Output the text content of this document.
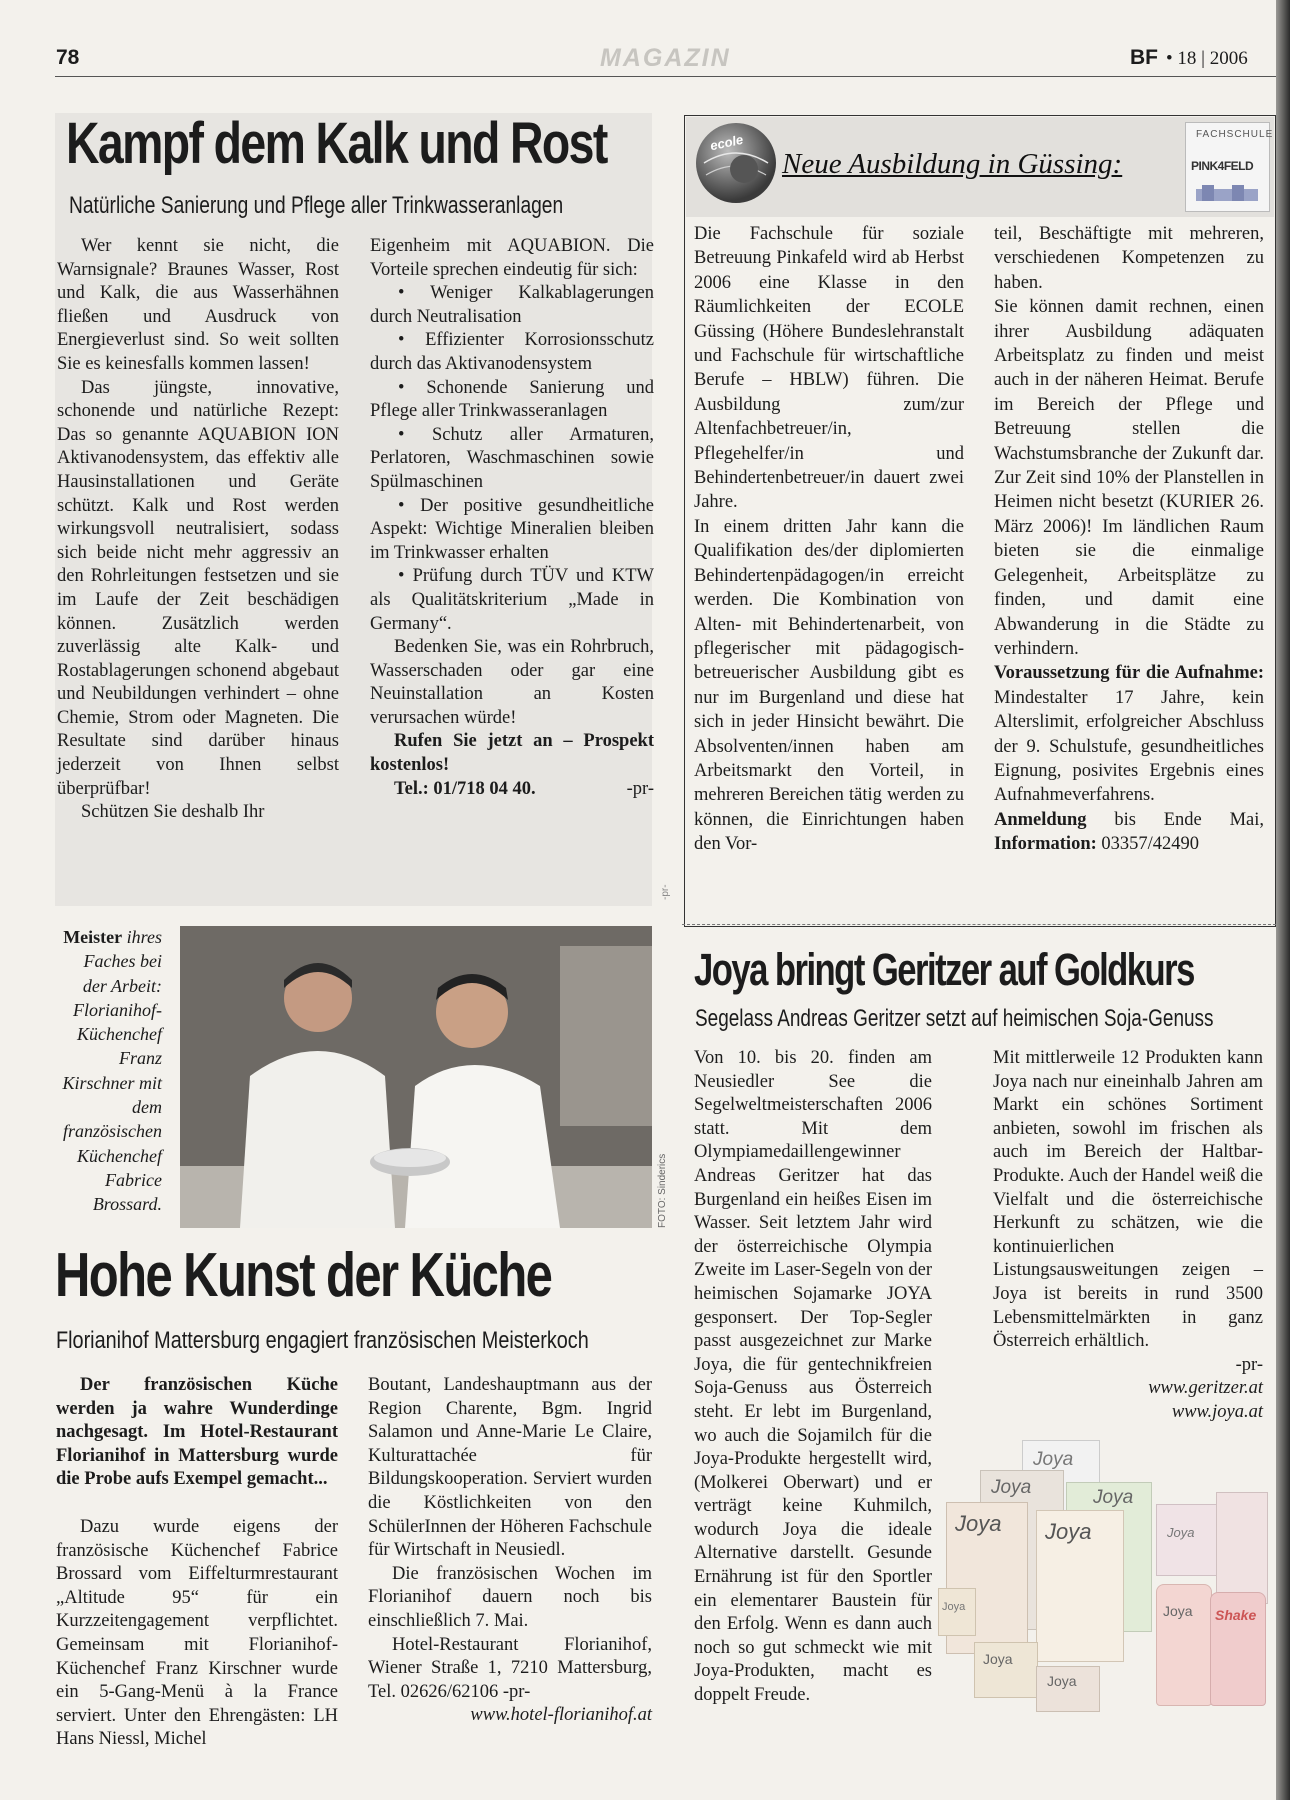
78	MAGAZIN	BF • 18 | 2006
Kampf dem Kalk und Rost
Natürliche Sanierung und Pflege aller Trinkwasseranlagen

Wer kennt sie nicht, die Warnsignale? Braunes Wasser, Rost und Kalk, die aus Wasserhähnen fließen und Ausdruck von Energieverlust sind. So weit sollten Sie es keinesfalls kommen lassen!

Das jüngste, innovative, schonende und natürliche Rezept: Das so genannte AQUABION ION Aktivanodensystem, das effektiv alle Hausinstallationen und Geräte schützt. Kalk und Rost werden wirkungsvoll neutralisiert, sodass sich beide nicht mehr aggressiv an den Rohrleitungen festsetzen und sie im Laufe der Zeit beschädigen können. Zusätzlich werden zuverlässig alte Kalk- und Rostablagerungen schonend abgebaut und Neubildungen verhindert – ohne Chemie, Strom oder Magneten. Die Resultate sind darüber hinaus jederzeit von Ihnen selbst überprüfbar!

Schützen Sie deshalb Ihr

Eigenheim mit AQUABION. Die Vorteile sprechen eindeutig für sich:

• Weniger Kalkablagerungen durch Neutralisation

• Effizienter Korrosionsschutz durch das Aktivanodensystem

• Schonende Sanierung und Pflege aller Trinkwasseranlagen

• Schutz aller Armaturen, Perlatoren, Waschmaschinen sowie Spülmaschinen

• Der positive gesundheitliche Aspekt: Wichtige Mineralien bleiben im Trinkwasser erhalten

• Prüfung durch TÜV und KTW als Qualitätskriterium „Made in Germany“.

Bedenken Sie, was ein Rohrbruch, Wasserschaden oder gar eine Neuinstallation an Kosten verursachen würde!

Rufen Sie jetzt an – Prospekt kostenlos!

Tel.: 01/718 04 40.	-pr-

ecole
Neue Ausbildung in Güssing:
FACHSCHULE
PINK4FELD

Die Fachschule für soziale Betreuung Pinkafeld wird ab Herbst 2006 eine Klasse in den Räumlichkeiten der ECOLE Güssing (Höhere Bundeslehranstalt und Fachschule für wirtschaftliche Berufe – HBLW) führen. Die Ausbildung zum/zur Altenfachbetreuer/in, Pflegehelfer/in und Behindertenbetreuer/in dauert zwei Jahre.

In einem dritten Jahr kann die Qualifikation des/der diplomierten Behindertenpädagogen/in erreicht werden. Die Kombination von Alten- mit Behindertenarbeit, von pflegerischer mit pädagogisch-betreuerischer Ausbildung gibt es nur im Burgenland und diese hat sich in jeder Hinsicht bewährt. Die Absolventen/innen haben am Arbeitsmarkt den Vorteil, in mehreren Bereichen tätig werden zu können, die Einrichtungen haben den Vor-

teil, Beschäftigte mit mehreren, verschiedenen Kompetenzen zu haben.

Sie können damit rechnen, einen ihrer Ausbildung adäquaten Arbeitsplatz zu finden und meist auch in der näheren Heimat. Berufe im Bereich der Pflege und Betreuung stellen die Wachstumsbranche der Zukunft dar. Zur Zeit sind 10% der Planstellen in Heimen nicht besetzt (KURIER 26. März 2006)! Im ländlichen Raum bieten sie die einmalige Gelegenheit, Arbeitsplätze zu finden, und damit eine Abwanderung in die Städte zu verhindern.

Voraussetzung für die Aufnahme: Mindestalter 17 Jahre, kein Alterslimit, erfolgreicher Abschluss der 9. Schulstufe, gesundheitliches Eignung, posivites Ergebnis eines Aufnahmeverfahrens.

Anmeldung bis Ende Mai, Information: 03357/42490

-pr-
Meister ihres Faches bei der Arbeit: Florianihof-Küchenchef Franz Kirschner mit dem französischen Küchenchef Fabrice Brossard.	FOTO: Sinderics
Hohe Kunst der Küche
Florianihof Mattersburg engagiert französischen Meisterkoch

Der französischen Küche werden ja wahre Wunderdinge nachgesagt. Im Hotel-Restaurant Florianihof in Mattersburg wurde die Probe aufs Exempel gemacht...

Dazu wurde eigens der französische Küchenchef Fabrice Brossard vom Eiffelturmrestaurant „Altitude 95“ für ein Kurzzeitengagement verpflichtet. Gemeinsam mit Florianihof-Küchenchef Franz Kirschner wurde ein 5-Gang-Menü à la France serviert. Unter den Ehrengästen: LH Hans Niessl, Michel

Boutant, Landeshauptmann aus der Region Charente, Bgm. Ingrid Salamon und Anne-Marie Le Claire, Kulturattachée für Bildungskooperation. Serviert wurden die Köstlichkeiten von den SchülerInnen der Höheren Fachschule für Wirtschaft in Neusiedl.

Die französischen Wochen im Florianihof dauern noch bis einschließlich 7. Mai.

Hotel-Restaurant Florianihof, Wiener Straße 1, 7210 Mattersburg, Tel. 02626/62106 -pr-

www.hotel-florianihof.at

Joya bringt Geritzer auf Goldkurs
Segelass Andreas Geritzer setzt auf heimischen Soja-Genuss

Von 10. bis 20. finden am Neusiedler See die Segelweltmeisterschaften 2006 statt. Mit dem Olympiamedaillengewinner Andreas Geritzer hat das Burgenland ein heißes Eisen im Wasser. Seit letztem Jahr wird der österreichische Olympia Zweite im Laser-Segeln von der heimischen Sojamarke JOYA gesponsert. Der Top-Segler passt ausgezeichnet zur Marke Joya, die für gentechnikfreien Soja-Genuss aus Österreich steht. Er lebt im Burgenland, wo auch die Sojamilch für die Joya-Produkte hergestellt wird, (Molkerei Oberwart) und er verträgt keine Kuhmilch, wodurch Joya die ideale Alternative darstellt. Gesunde Ernährung ist für den Sportler ein elementarer Baustein für den Erfolg. Wenn es dann auch noch so gut schmeckt wie mit Joya-Produkten, macht es doppelt Freude.

Mit mittlerweile 12 Produkten kann Joya nach nur eineinhalb Jahren am Markt ein schönes Sortiment anbieten, sowohl im frischen als auch im Bereich der Haltbar-Produkte. Auch der Handel weiß die Vielfalt und die österreichische Herkunft zu schätzen, wie die kontinuierlichen Listungsausweitungen zeigen – Joya ist bereits in rund 3500 Lebensmittelmärkten in ganz Österreich erhältlich.

-pr-

www.geritzer.at

www.joya.at

Joya
Joya	Joya
Joya Joya	Joya
Joya
Joya
Joya
Joya Shake
